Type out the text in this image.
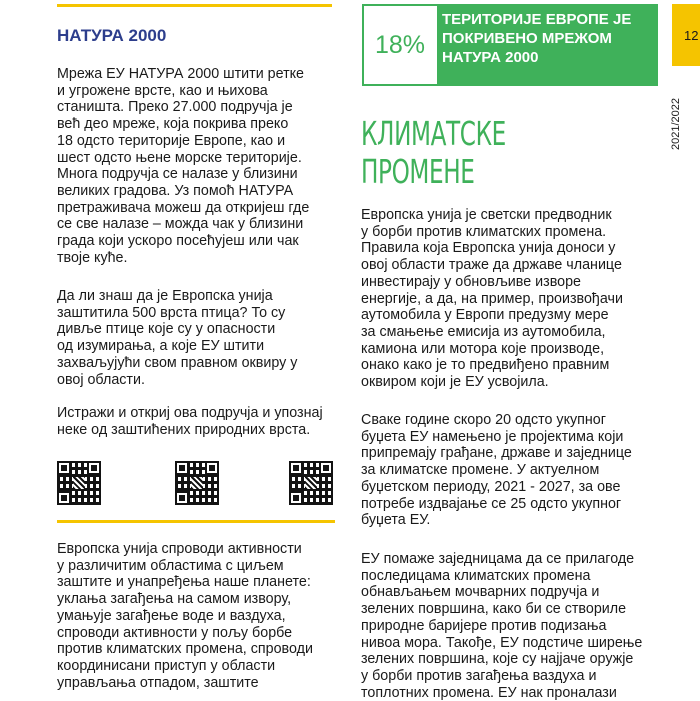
НАТУРА 2000

Мрежа ЕУ НАТУРА 2000 штити ретке
и угрожене врсте, као и њихова
станишта. Преко 27.000 подручја је
већ део мреже, која покрива преко
18 одсто територије Европе, као и
шест одсто њене морске територије.
Многа подручја се налазе у близини
великих градова. Уз помоћ НАТУРА
претраживача можеш да откријеш где
се све налазе – можда чак у близини
града који ускоро посећујеш или чак
твоје куће.

Да ли знаш да је Европска унија
заштитила 500 врста птица? То су
дивље птице које су у опасности
од изумирања, а које ЕУ штити
захваљујући свом правном оквиру у
овој области.

Истражи и откриј ова подручја и упознај
неке од заштићених природних врста.

Европска унија спроводи активности
у различитим областима с циљем
заштите и унапређења наше планете:
уклања загађења на самом извору,
умањује загађење воде и ваздуха,
спроводи активности у пољу борбе
против климатских промена, спроводи
координисани приступ у области
управљања отпадом, заштите

18%
ТЕРИТОРИЈЕ ЕВРОПЕ ЈЕ
ПОКРИВЕНО МРЕЖОМ
НАТУРА 2000
КЛИМАТСКЕ
ПРОМЕНЕ

Европска унија је светски предводник
у борби против климатских промена.
Правила која Европска унија доноси у
овој области траже да државе чланице
инвестирају у обновљиве изворе
енергије, а да, на пример, произвођачи
аутомобила у Европи предузму мере
за смањење емисија из аутомобила,
камиона или мотора које производе,
онако како је то предвиђено правним
оквиром који је ЕУ усвојила.

Сваке године скоро 20 одсто укупног
буџета ЕУ намењено је пројектима који
припремају грађане, државе и заједнице
за климатске промене. У актуелном
буџетском периоду, 2021 - 2027, за ове
потребе издвајање се 25 одсто укупног
буџета ЕУ.

ЕУ помаже заједницама да се прилагоде
последицама климатских промена
обнављањем мочварних подручја и
зелених површина, како би се створиле
природне баријере против подизања
нивоа мора. Такође, ЕУ подстиче ширење
зелених површина, које су најјаче оружје
у борби против загађења ваздуха и
топлотних промена. ЕУ нак проналази

12
2021/2022
